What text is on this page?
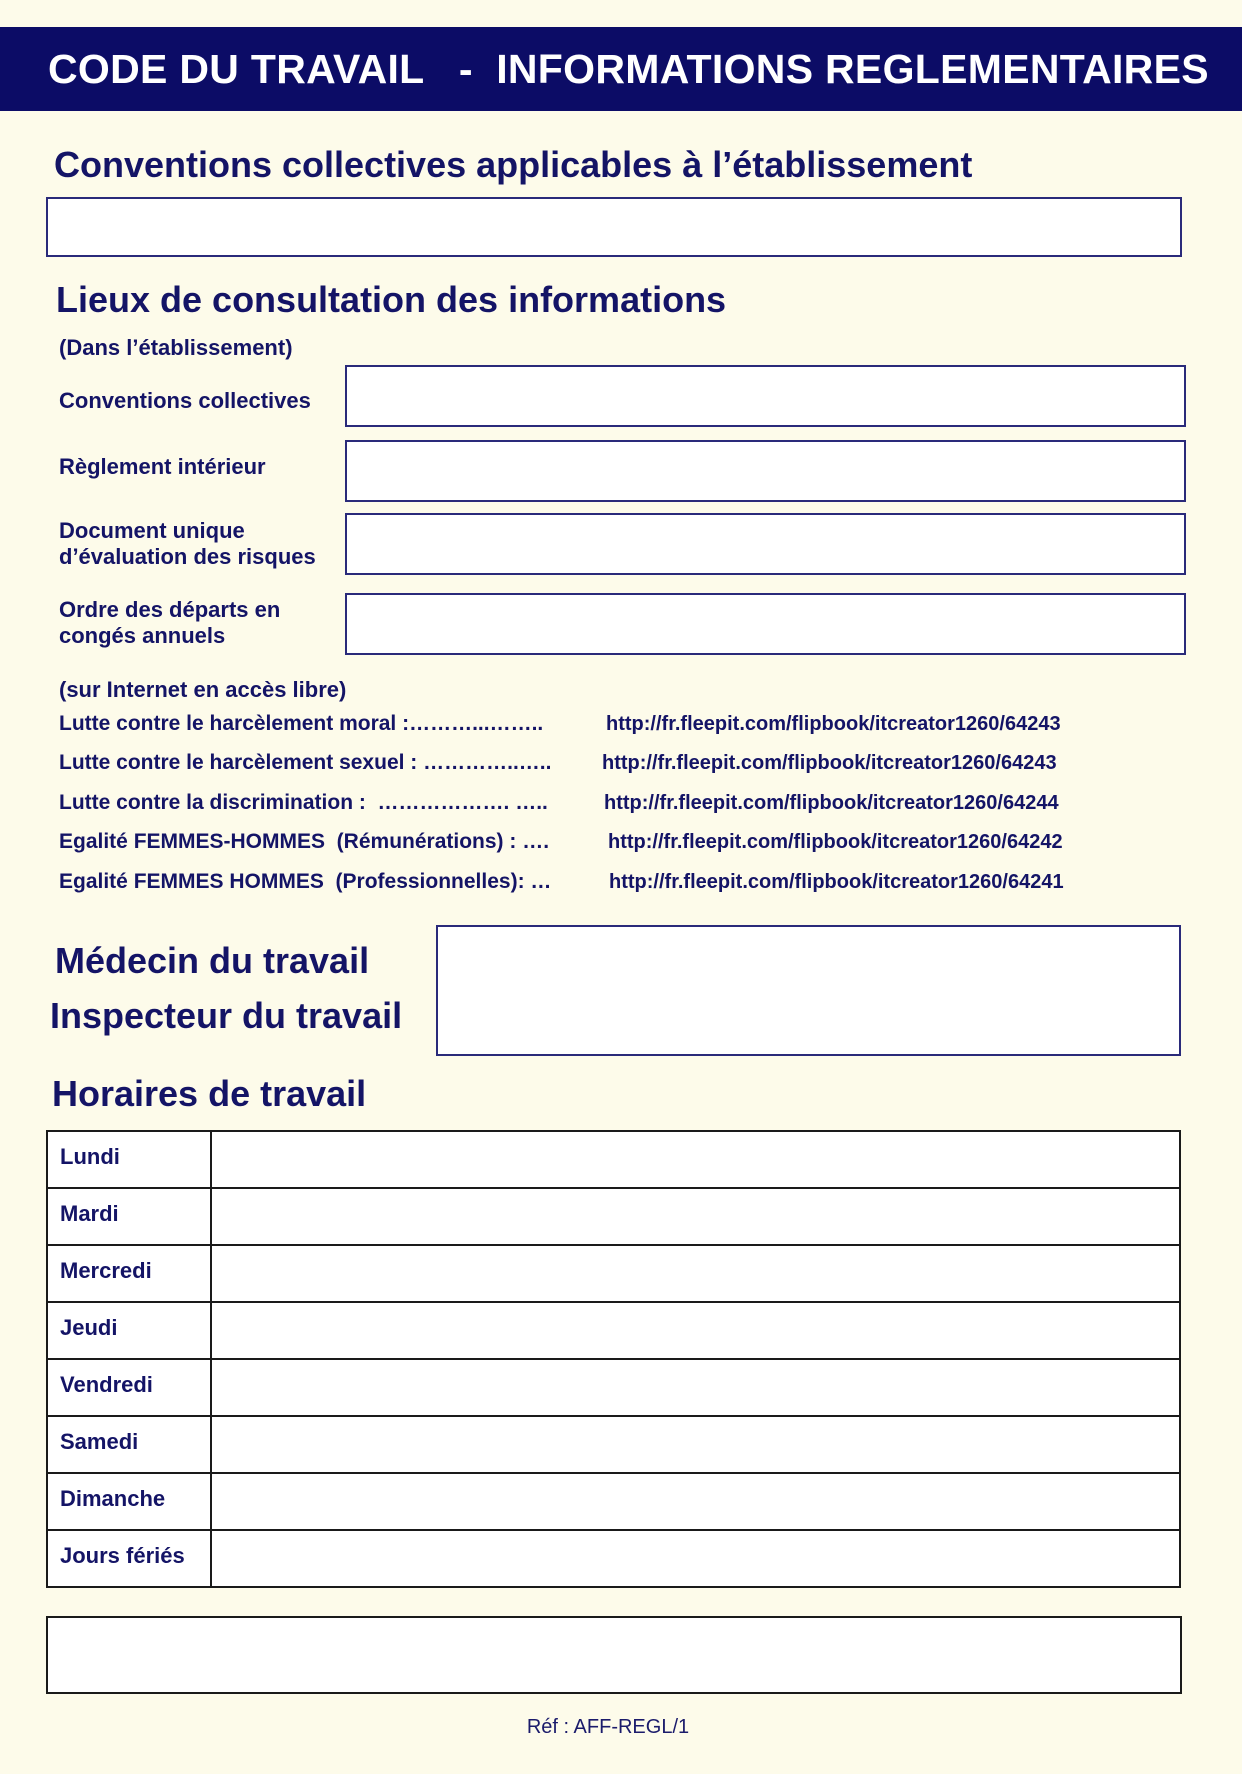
CODE DU TRAVAIL   -  INFORMATIONS REGLEMENTAIRES
Conventions collectives applicables à l’établissement
Lieux de consultation des informations
(Dans l’établissement)
Conventions collectives
Règlement intérieur
Document unique
d’évaluation des risques
Ordre des départs en
congés annuels
(sur Internet en accès libre)
Lutte contre le harcèlement moral :………...……..	http://fr.fleepit.com/flipbook/itcreator1260/64243
Lutte contre le harcèlement sexuel : …………..…..	http://fr.fleepit.com/flipbook/itcreator1260/64243
Lutte contre la discrimination :  ………………. …..	http://fr.fleepit.com/flipbook/itcreator1260/64244
Egalité FEMMES-HOMMES  (Rémunérations) : ….	http://fr.fleepit.com/flipbook/itcreator1260/64242
Egalité FEMMES HOMMES  (Professionnelles): …	http://fr.fleepit.com/flipbook/itcreator1260/64241
Médecin du travail
Inspecteur du travail
Horaires de travail
Lundi	
Mardi	
Mercredi	
Jeudi	
Vendredi	
Samedi	
Dimanche	
Jours fériés	
Réf : AFF-REGL/1
